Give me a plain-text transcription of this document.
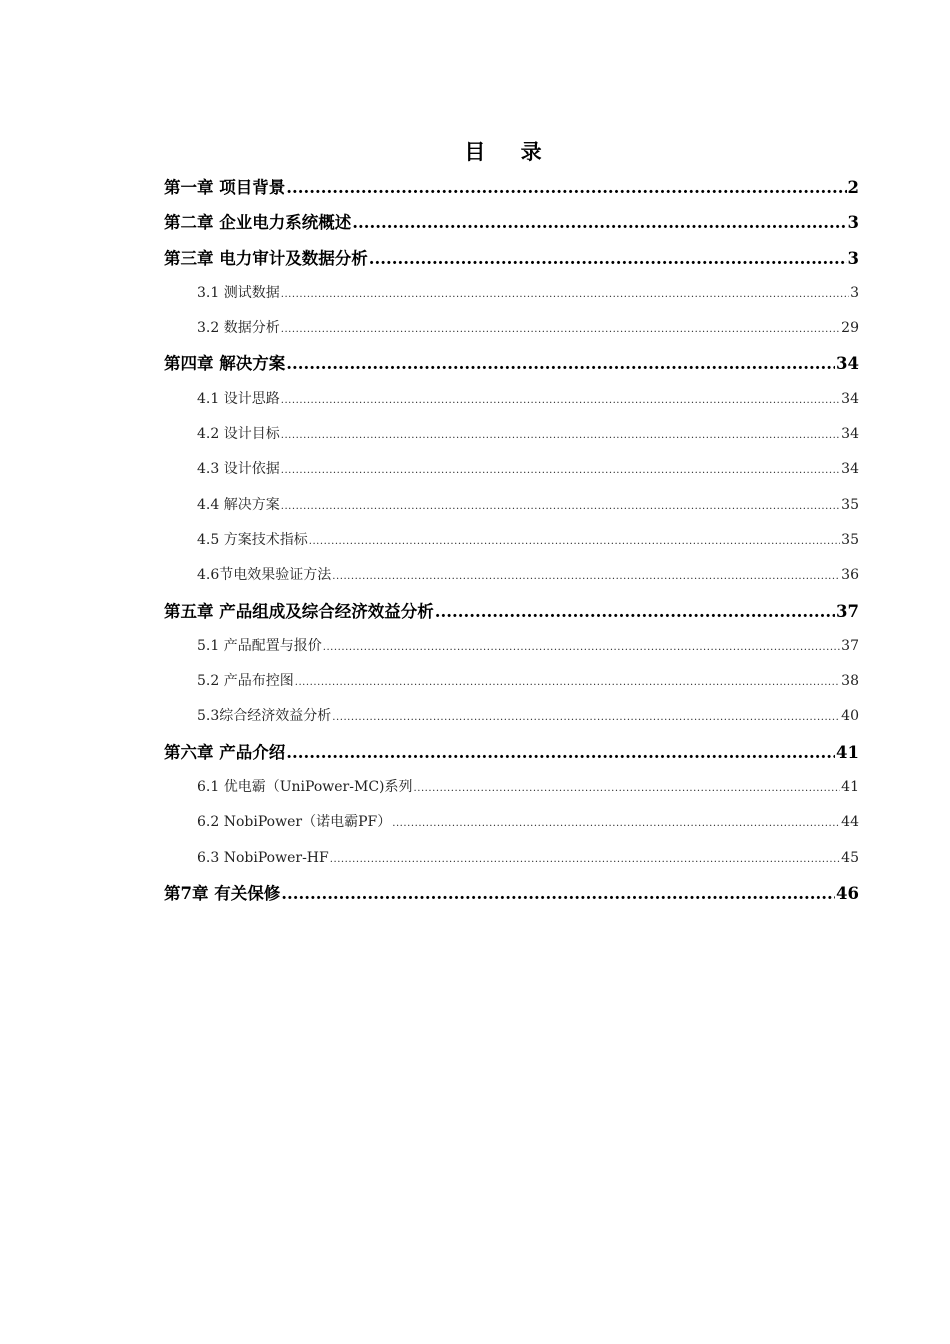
目 录
第一章 项目背景 .....	2
第二章 企业电力系统概述 .....	3
第三章 电力审计及数据分析 .....	3
3.1 测试数据 .....	3
3.2 数据分析 .....	29
第四章 解决方案 .....	34
4.1 设计思路 .....	34
4.2 设计目标 .....	34
4.3 设计依据 .....	34
4.4 解决方案 .....	35
4.5 方案技术指标 .....	35
4.6节电效果验证方法 .....	36
第五章 产品组成及综合经济效益分析 .....	37
5.1 产品配置与报价 .....	37
5.2 产品布控图 .....	38
5.3综合经济效益分析 .....	40
第六章 产品介绍 .....	41
6.1 优电霸（UniPower-MC)系列 .....	41
6.2 NobiPower（诺电霸PF） .....	44
6.3 NobiPower-HF .....	45
第7章 有关保修 .....	46
